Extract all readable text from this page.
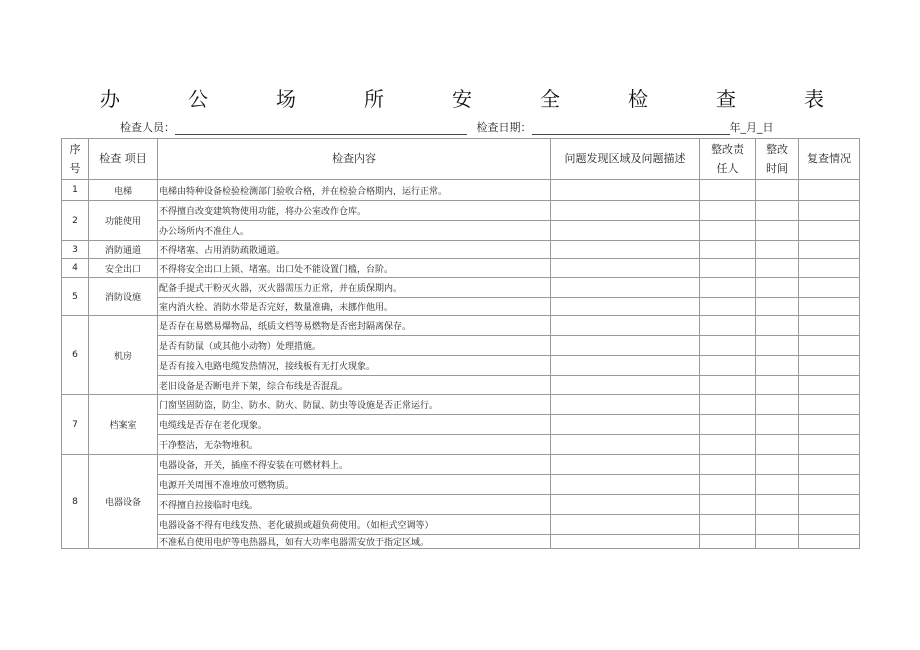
办	公	场	所	安	全	检	查	表
检查人员：	检查日期：	年_月_日
序号	检查 项目	检查内容	问题发现区域及问题描述	整改责任人	整改时间	复查情况
1	电梯	电梯由特种设备检验检测部门验收合格，并在检验合格期内，运行正常。				
2	功能使用	不得擅自改变建筑物使用功能，将办公室改作仓库。				
		办公场所内不准住人。				
3	消防通道	不得堵塞、占用消防疏散通道。				
4	安全出口	不得将安全出口上锁、堵塞。出口处不能设置门槛，台阶。				
5	消防设施	配备手提式干粉灭火器，灭火器需压力正常，并在质保期内。				
		室内消火栓、消防水带是否完好，数量准确，未挪作他用。				
6	机房	是否存在易燃易爆物品，纸质文档等易燃物是否密封隔离保存。				
		是否有防鼠（或其他小动物）处理措施。				
		是否有接入电路电缆发热情况，接线板有无打火现象。				
		老旧设备是否断电并下架，综合布线是否混乱。				
7	档案室	门窗坚固防盗，防尘、防水、防火、防鼠、防虫等设施是否正常运行。				
		电缆线是否存在老化现象。				
		干净整洁，无杂物堆积。				
8	电器设备	电器设备，开关，插座不得安装在可燃材料上。				
		电源开关周围不准堆放可燃物质。				
		不得擅自拉接临时电线。				
		电器设备不得有电线发热、老化破损或超负荷使用。（如柜式空调等）				
		不准私自使用电炉等电热器具，如有大功率电器需安放于指定区域。				
